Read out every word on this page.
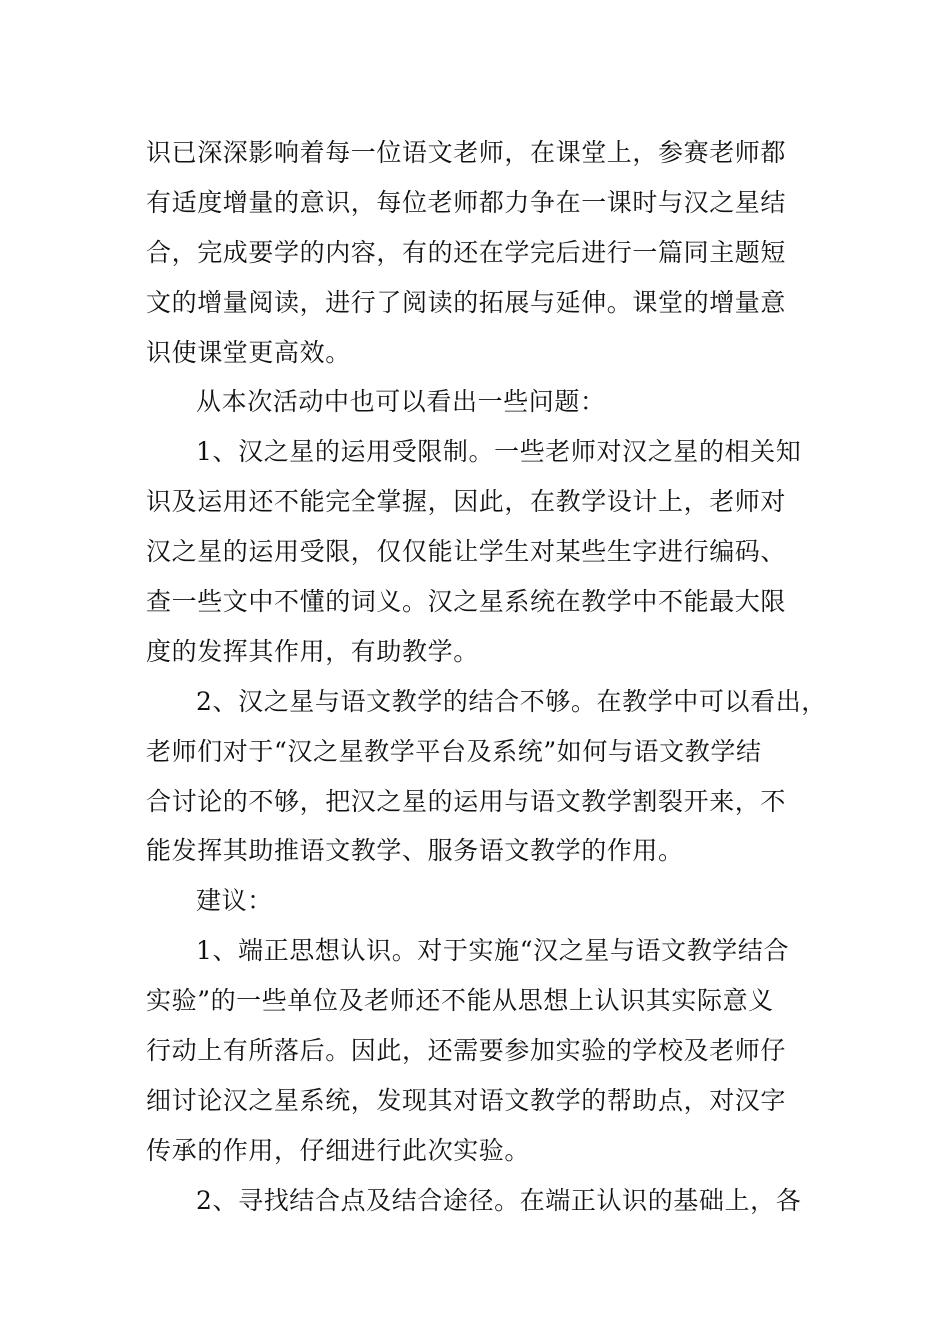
识已深深影响着每一位语文老师，在课堂上，参赛老师都
有适度增量的意识，每位老师都力争在一课时与汉之星结
合，完成要学的内容，有的还在学完后进行一篇同主题短
文的增量阅读，进行了阅读的拓展与延伸。课堂的增量意
识使课堂更高效。
从本次活动中也可以看出一些问题：
1、汉之星的运用受限制。一些老师对汉之星的相关知
识及运用还不能完全掌握，因此，在教学设计上，老师对
汉之星的运用受限，仅仅能让学生对某些生字进行编码、
查一些文中不懂的词义。汉之星系统在教学中不能最大限
度的发挥其作用，有助教学。
2、汉之星与语文教学的结合不够。在教学中可以看出，
老师们对于“汉之星教学平台及系统”如何与语文教学结
合讨论的不够，把汉之星的运用与语文教学割裂开来，不
能发挥其助推语文教学、服务语文教学的作用。
建议：
1、端正思想认识。对于实施“汉之星与语文教学结合
实验”的一些单位及老师还不能从思想上认识其实际意义
行动上有所落后。因此，还需要参加实验的学校及老师仔
细讨论汉之星系统，发现其对语文教学的帮助点，对汉字
传承的作用，仔细进行此次实验。
2、寻找结合点及结合途径。在端正认识的基础上，各
